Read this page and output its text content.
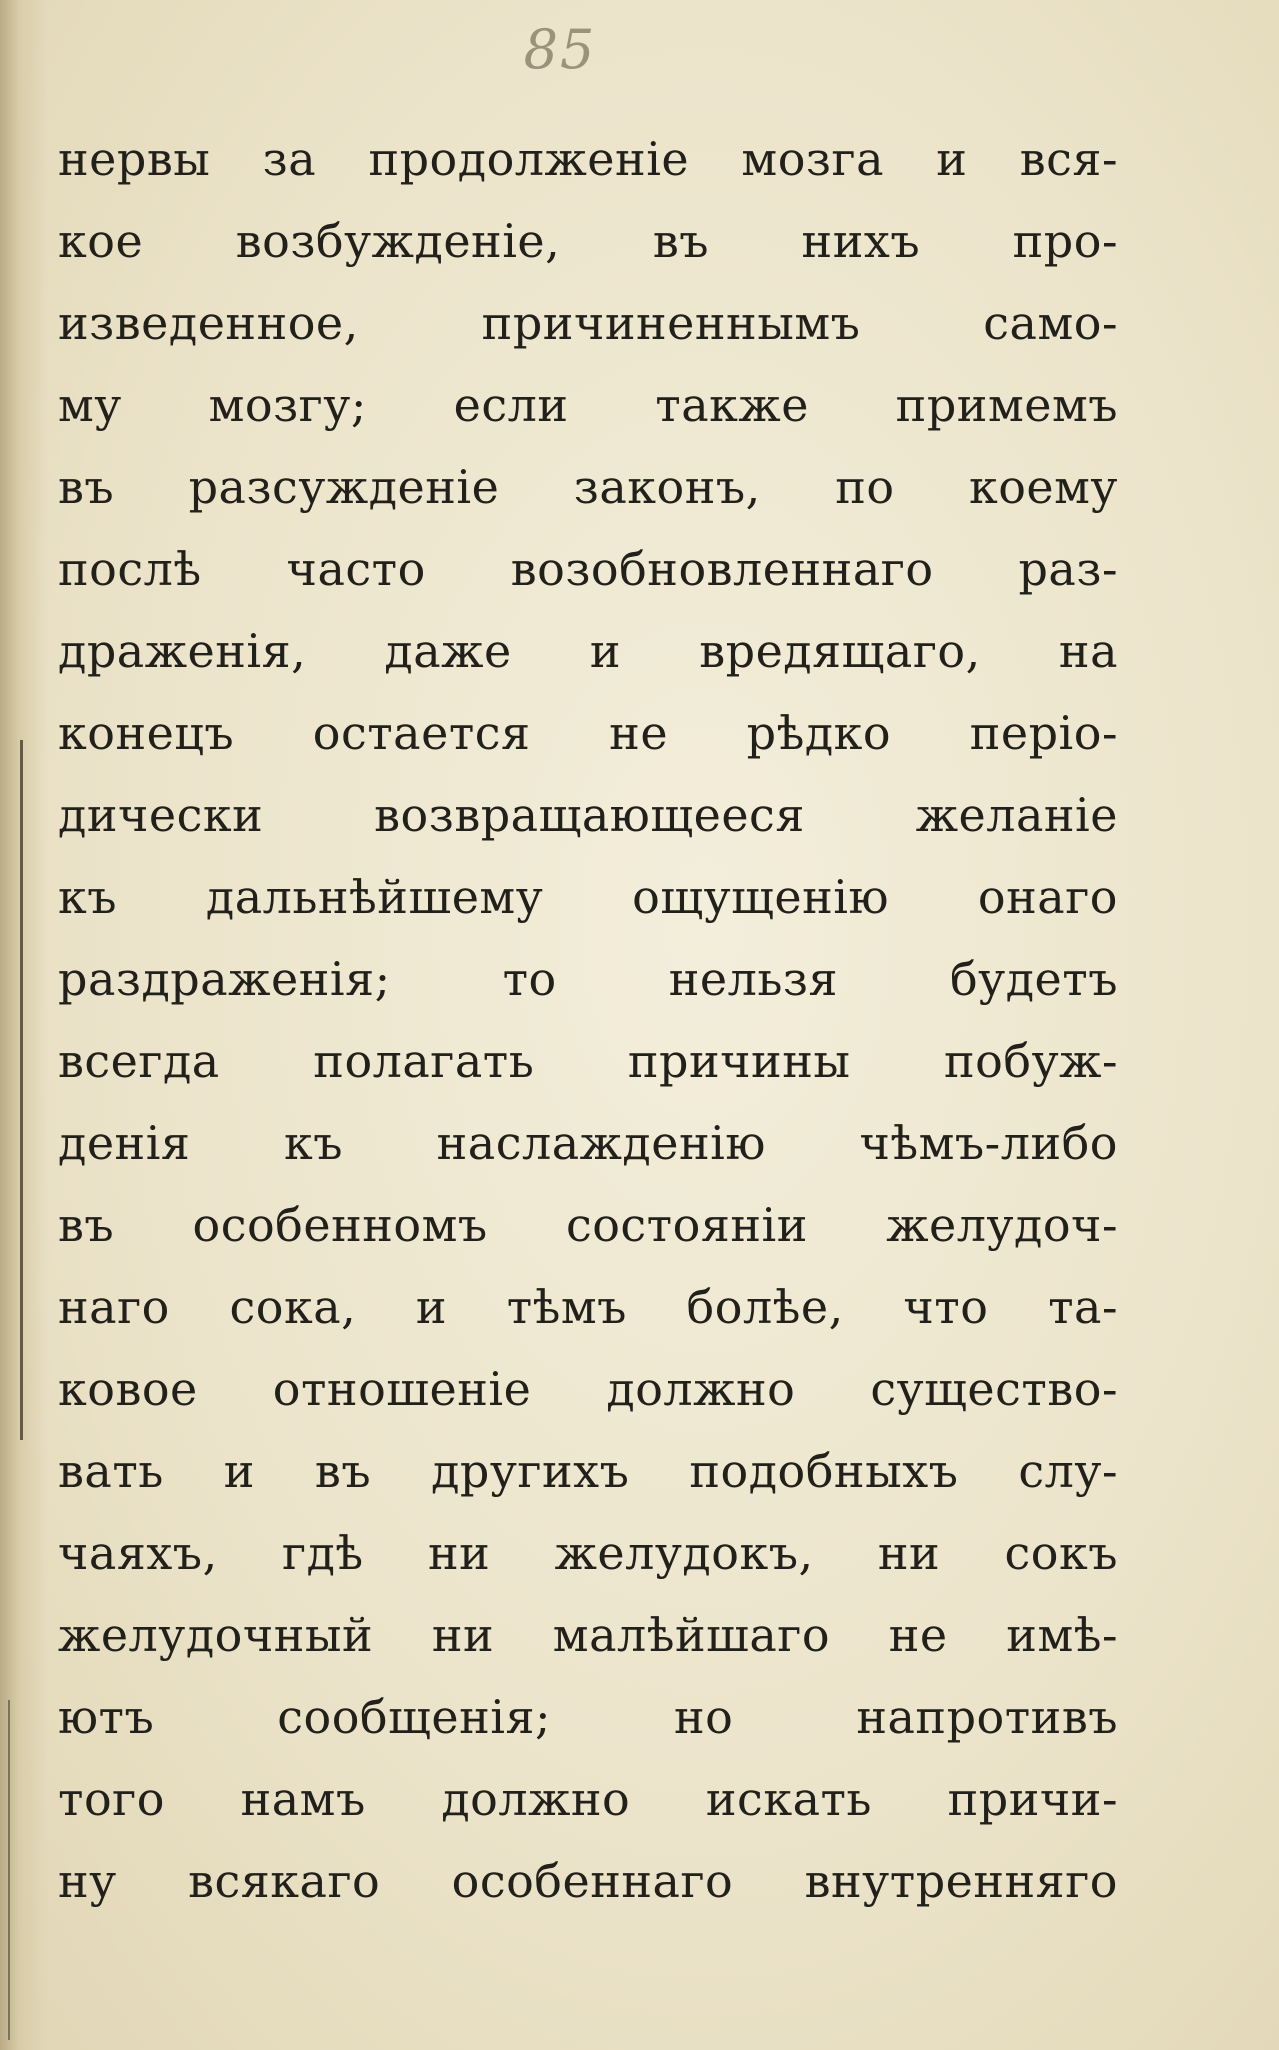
85
нервы за продолженіе мозга и вся-
кое возбужденіе, въ нихъ про-
изведенное, причиненнымъ само-
му мозгу; если также примемъ
въ разсужденіе законъ, по коему
послѣ часто возобновленнаго раз-
драженія, даже и вредящаго, на
конецъ остается не рѣдко періо-
дически возвращающееся желаніе
къ дальнѣйшему ощущенію онаго
раздраженія; то нельзя будетъ
всегда полагать причины побуж-
денія къ наслажденію чѣмъ-либо
въ особенномъ состояніи желудоч-
наго сока, и тѣмъ болѣе, что та-
ковое отношеніе должно существо-
вать и въ другихъ подобныхъ слу-
чаяхъ, гдѣ ни желудокъ, ни сокъ
желудочный ни малѣйшаго не имѣ-
ютъ сообщенія; но напротивъ
того намъ должно искать причи-
ну всякаго особеннаго внутренняго
